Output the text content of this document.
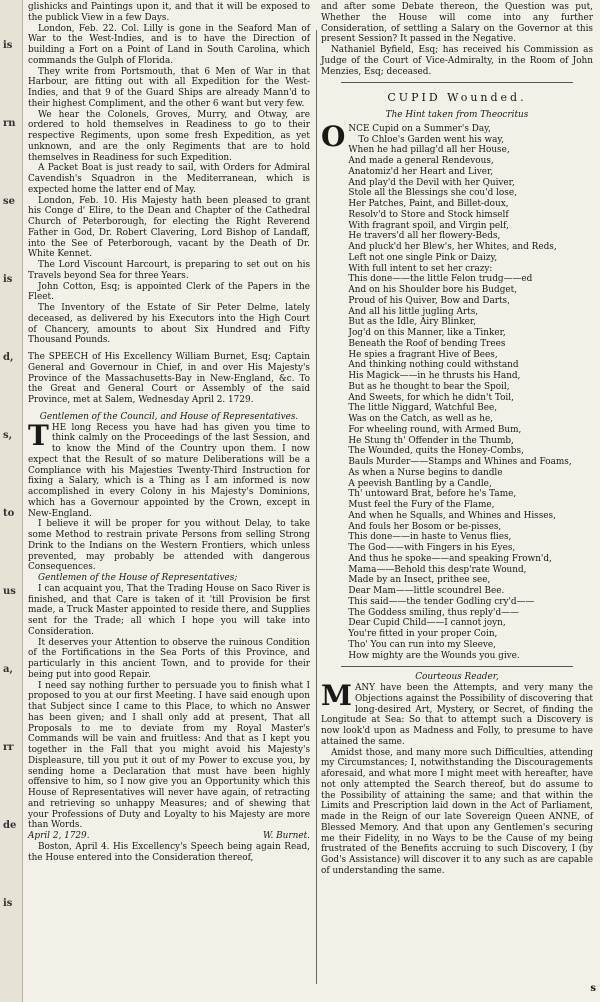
is
rn
se
is
d,
s,
to
us
a,
rr
de
is

glishicks and Paintings upon it, and that it will be exposed to the publick View in a few Days.

London, Feb. 22. Col. Lilly is gone in the Seaford Man of War to the West-Indies, and is to have the Direction of building a Fort on a Point of Land in South Carolina, which commands the Gulph of Florida.

They write from Portsmouth, that 6 Men of War in that Harbour, are fitting out with all Expedition for the West-Indies, and that 9 of the Guard Ships are already Mann'd to their highest Compliment, and the other 6 want but very few.

We hear the Colonels, Groves, Murry, and Otway, are ordered to hold themselves in Readiness to go to their respective Regiments, upon some fresh Expedition, as yet unknown, and are the only Regiments that are to hold themselves in Readiness for such Expedition.

A Packet Boat is just ready to sail, with Orders for Admiral Cavendish's Squadron in the Mediterranean, which is expected home the latter end of May.

London, Feb. 10. His Majesty hath been pleased to grant his Conge d' Elire, to the Dean and Chapter of the Cathedral Church of Peterborough, for electing the Right Reverend Father in God, Dr. Robert Clavering, Lord Bishop of Landaff, into the See of Peterborough, vacant by the Death of Dr. White Kennet.

The Lord Viscount Harcourt, is preparing to set out on his Travels beyond Sea for three Years.

John Cotton, Esq; is appointed Clerk of the Papers in the Fleet.

The Inventory of the Estate of Sir Peter Delme, lately deceased, as delivered by his Executors into the High Court of Chancery, amounts to about Six Hundred and Fifty Thousand Pounds.

The SPEECH of His Excellency William Burnet, Esq; Captain General and Governour in Chief, in and over His Majesty's Province of the Massachusetts-Bay in New-England, &c. To the Great and General Court or Assembly of the said Province, met at Salem, Wednesday April 2. 1729.

Gentlemen of the Council, and House of Representatives.

THE long Recess you have had has given you time to think calmly on the Proceedings of the last Session, and to know the Mind of the Country upon them. I now expect that the Result of so mature Deliberations will be a Compliance with his Majesties Twenty-Third Instruction for fixing a Salary, which is a Thing as I am informed is now accomplished in every Colony in his Majesty's Dominions, which has a Governour appointed by the Crown, except in New-England.

I believe it will be proper for you without Delay, to take some Method to restrain private Persons from selling Strong Drink to the Indians on the Western Frontiers, which unless prevented, may probably be attended with dangerous Consequences.

Gentlemen of the House of Representatives;

I can acquaint you, That the Trading House on Saco River is finished, and that Care is taken of it 'till Provision be first made, a Truck Master appointed to reside there, and Supplies sent for the Trade; all which I hope you will take into Consideration.

It deserves your Attention to observe the ruinous Condition of the Fortifications in the Sea Ports of this Province, and particularly in this ancient Town, and to provide for their being put into good Repair.

I need say nothing further to persuade you to finish what I proposed to you at our first Meeting. I have said enough upon that Subject since I came to this Place, to which no Answer has been given; and I shall only add at present, That all Proposals to me to deviate from my Royal Master's Commands will be vain and fruitless: And that as I kept you together in the Fall that you might avoid his Majesty's Displeasure, till you put it out of my Power to excuse you, by sending home a Declaration that must have been highly offensive to him, so I now give you an Opportunity which this House of Representatives will never have again, of retracting and retrieving so unhappy Measures; and of shewing that your Professions of Duty and Loyalty to his Majesty are more than Words.

April 2, 1729.	W. Burnet.

Boston, April 4. His Excellency's Speech being again Read, the House entered into the Consideration thereof,

and after some Debate thereon, the Question was put, Whether the House will come into any further Consideration, of settling a Salary on the Governor at this present Session? It passed in the Negative.

Nathaniel Byfield, Esq; has received his Commission as Judge of the Court of Vice-Admiralty, in the Room of John Menzies, Esq; deceased.

CUPID Wounded.
The Hint taken from Theocritus
O NCE Cupid on a Summer's Day,
To Chloe's Garden went his way,
When he had pillag'd all her House,
And made a general Rendevous,
Anatomiz'd her Heart and Liver,
And play'd the Devil with her Quiver,
Stole all the Blessings she cou'd lose,
Her Patches, Paint, and Billet-doux,
Resolv'd to Store and Stock himself
With fragrant spoil, and Virgin pelf,
He travers'd all her flowery-Beds,
And pluck'd her Blew's, her Whites, and Reds,
Left not one single Pink or Daizy,
With full intent to set her crazy:
This done——the little Felon trudg——ed
And on his Shoulder bore his Budget,
Proud of his Quiver, Bow and Darts,
And all his little jugling Arts,
But as the Idle, Airy Blinker,
Jog'd on this Manner, like a Tinker,
Beneath the Roof of bending Trees
He spies a fragrant Hive of Bees,
And thinking nothing could withstand
His Magick——in he thrusts his Hand,
But as he thought to bear the Spoil,
And Sweets, for which he didn't Toil,
The little Niggard, Watchful Bee,
Was on the Catch, as well as he,
For wheeling round, with Armed Bum,
He Stung th' Offender in the Thumb,
The Wounded, quits the Honey-Combs,
Bauls Murder——Stamps and Whines and Foams,
As when a Nurse begins to dandle
A peevish Bantling by a Candle,
Th' untoward Brat, before he's Tame,
Must feel the Fury of the Flame,
And when he Squalls, and Whines and Hisses,
And fouls her Bosom or be-pisses,
This done——in haste to Venus flies,
The God——with Fingers in his Eyes,
And thus he spoke——and speaking Frown'd,
Mama——Behold this desp'rate Wound,
Made by an Insect, prithee see,
Dear Mam——little scoundrel Bee.
This said——the tender Godling cry'd——
The Goddess smiling, thus reply'd——
Dear Cupid Child——I cannot joyn,
You're fitted in your proper Coin,
Tho' You can run into my Sleeve,
How mighty are the Wounds you give.

Courteous Reader,

MANY have been the Attempts, and very many the Objections against the Possibility of discovering that long-desired Art, Mystery, or Secret, of finding the Longitude at Sea: So that to attempt such a Discovery is now look'd upon as Madness and Folly, to presume to have attained the same.

Amidst those, and many more such Difficulties, attending my Circumstances; I, notwithstanding the Discouragements aforesaid, and what more I might meet with hereafter, have not only attempted the Search thereof, but do assume to the Possibility of attaining the same; and that within the Limits and Prescription laid down in the Act of Parliament, made in the Reign of our late Sovereign Queen ANNE, of Blessed Memory. And that upon any Gentlemen's securing me their Fidelity, in no Ways to be the Cause of my being frustrated of the Benefits accruing to such Discovery, I (by God's Assistance) will discover it to any such as are capable of understanding the same.

s
